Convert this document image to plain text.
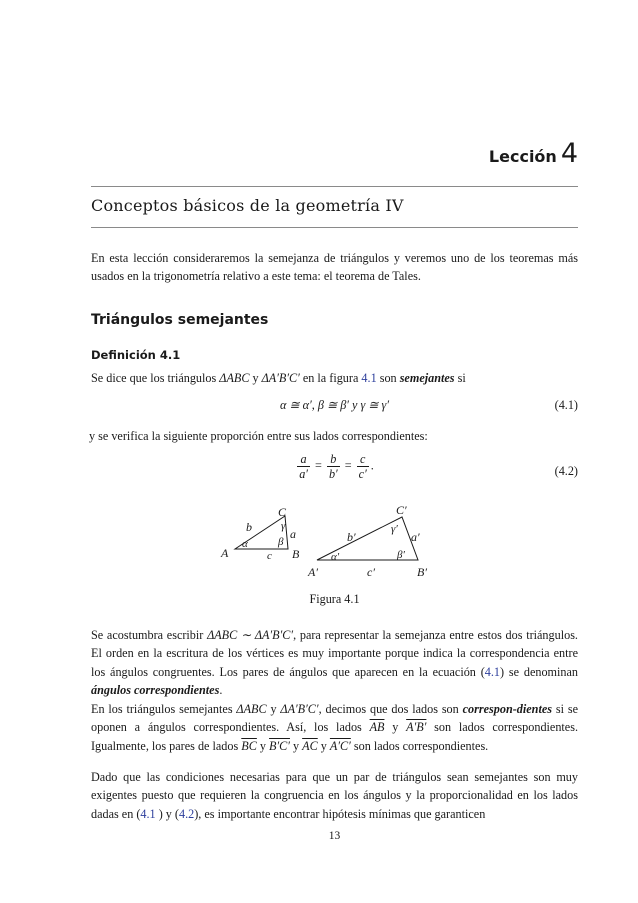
Lección 4
Conceptos básicos de la geometría IV
En esta lección consideraremos la semejanza de triángulos y veremos uno de los teoremas más usados en la trigonometría relativo a este tema: el teorema de Tales.
Triángulos semejantes
Definición 4.1
Se dice que los triángulos ΔABC y ΔA′B′C′ en la figura 4.1 son semejantes si
α ≅ α′, β ≅ β′ y γ ≅ γ′	(4.1)
y se verifica la siguiente proporción entre sus lados correspondientes:
$\frac{a}{a'} = \frac{b}{b'} = \frac{c}{c'}$ .	(4.2)
A	B
C
b	a
c
α	β
γ
A′	B′
C′
b′	a′
c′
α′	β′
γ′
Figura 4.1
Se acostumbra escribir ΔABC ∼ ΔA′B′C′, para representar la semejanza entre estos dos triángulos. El orden en la escritura de los vértices es muy importante porque indica la correspondencia entre los ángulos congruentes. Los pares de ángulos que aparecen en la ecuación (4.1) se denominan ángulos correspondientes.
En los triángulos semejantes ΔABC y ΔA′B′C′, decimos que dos lados son correspon-dientes si se oponen a ángulos correspondientes. Así, los lados $\overline{AB}$ y A′B′ son lados correspondientes. Igualmente, los pares de lados $\overline{BC}$ y B′C′ y $\overline{AC}$ y A′C′ son lados correspondientes.
Dado que las condiciones necesarias para que un par de triángulos sean semejantes son muy exigentes puesto que requieren la congruencia en los ángulos y la proporcionalidad en los lados dadas en (4.1 ) y (4.2), es importante encontrar hipótesis mínimas que garanticen
13
